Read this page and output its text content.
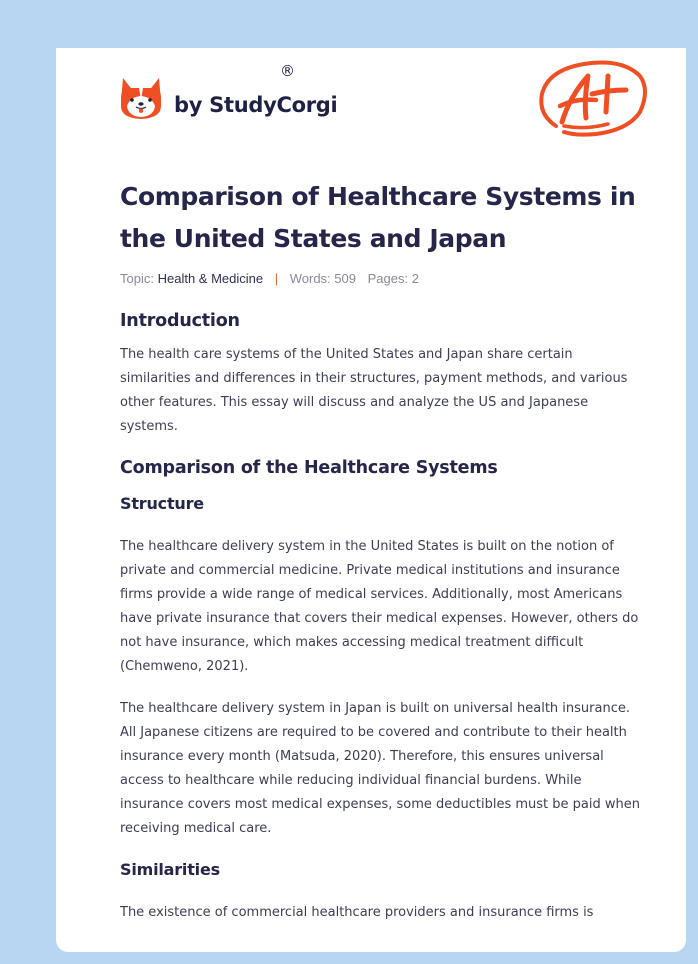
by StudyCorgi
®
Comparison of Healthcare Systems in the United States and Japan
Topic: Health & Medicine | Words: 509 Pages: 2
Introduction

The health care systems of the United States and Japan share certain similarities and differences in their structures, payment methods, and various other features. This essay will discuss and analyze the US and Japanese systems.

Comparison of the Healthcare Systems
Structure

The healthcare delivery system in the United States is built on the notion of private and commercial medicine. Private medical institutions and insurance firms provide a wide range of medical services. Additionally, most Americans have private insurance that covers their medical expenses. However, others do not have insurance, which makes accessing medical treatment difficult (Chemweno, 2021).

The healthcare delivery system in Japan is built on universal health insurance. All Japanese citizens are required to be covered and contribute to their health insurance every month (Matsuda, 2020). Therefore, this ensures universal access to healthcare while reducing individual financial burdens. While insurance covers most medical expenses, some deductibles must be paid when receiving medical care.

Similarities

The existence of commercial healthcare providers and insurance firms is
